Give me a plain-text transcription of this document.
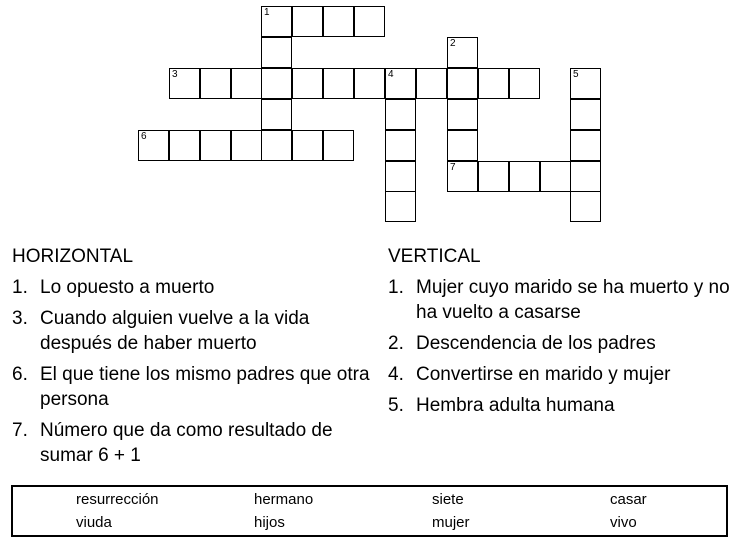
1
2
3	4	5
6
7
HORIZONTAL
1. Lo opuesto a muerto
3. Cuando alguien vuelve a la vida después de haber muerto
6. El que tiene los mismo padres que otra persona
7. Número que da como resultado de sumar 6 + 1
VERTICAL
1. Mujer cuyo marido se ha muerto y no ha vuelto a casarse
2. Descendencia de los padres
4. Convertirse en marido y mujer
5. Hembra adulta humana
resurrección	hermano	siete	casar
viuda	hijos	mujer	vivo
